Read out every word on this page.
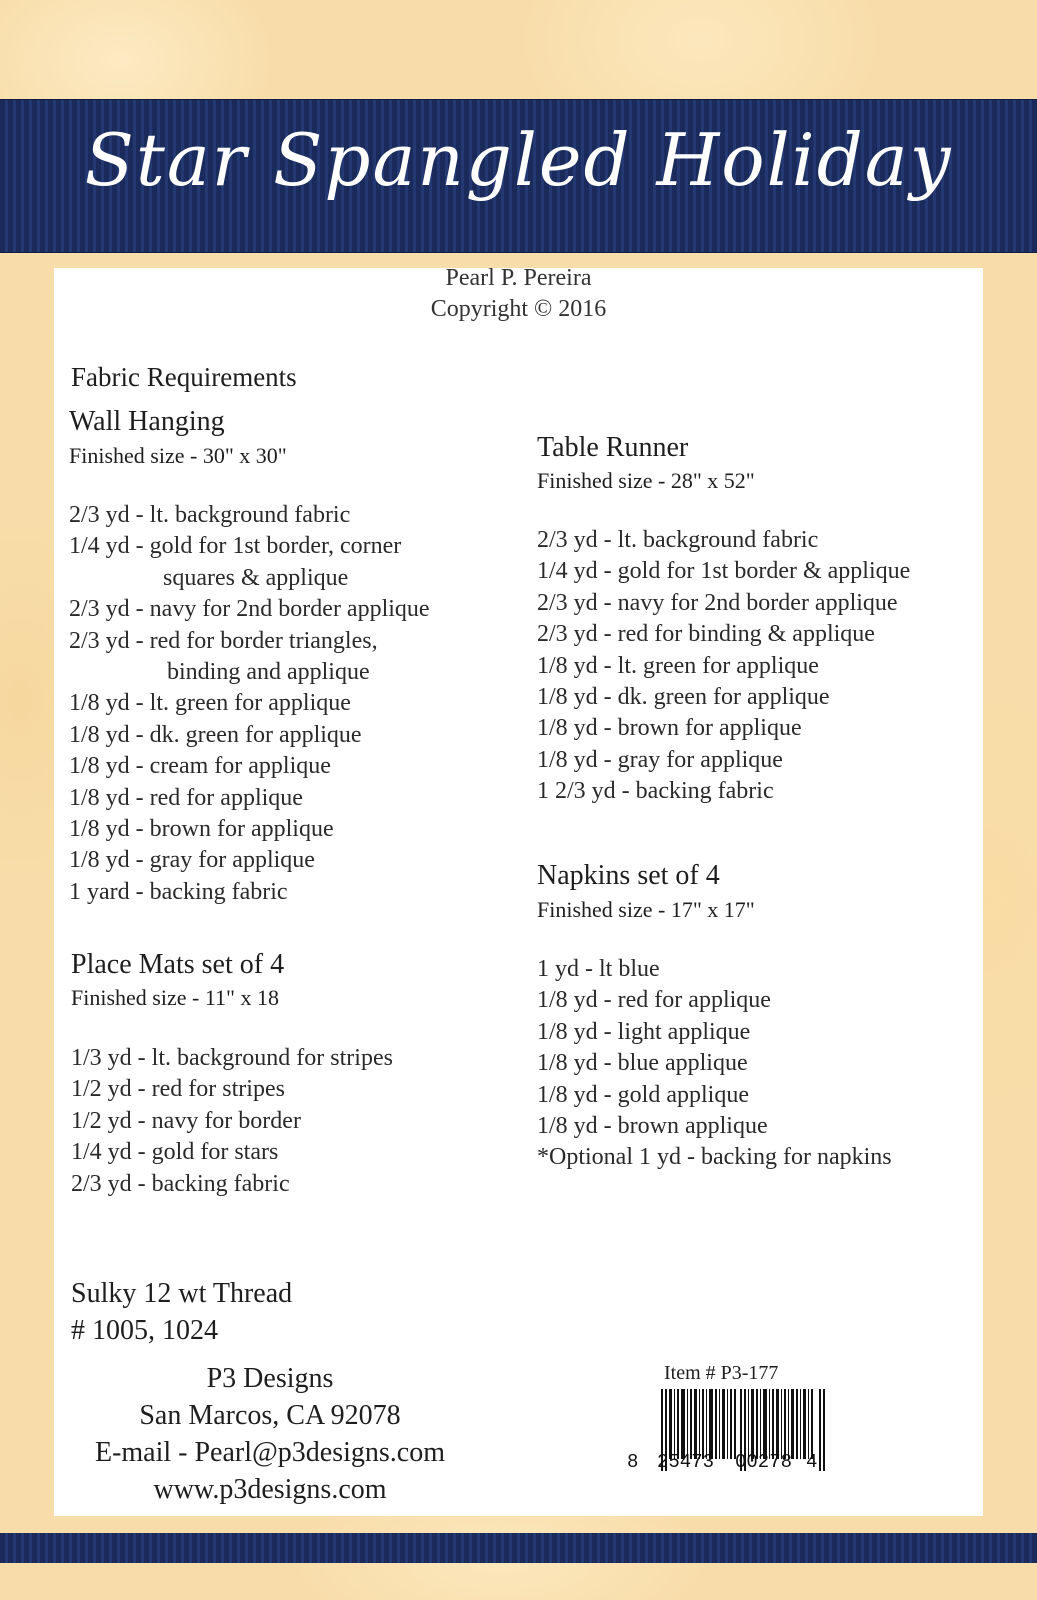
Star Spangled Holiday
Pearl P. Pereira
Copyright © 2016
Fabric Requirements
Wall Hanging
Finished size - 30" x 30"
2/3 yd - lt. background fabric
1/4 yd - gold for 1st border, corner
squares & applique
2/3 yd - navy for 2nd border applique
2/3 yd - red for border triangles,
binding and applique
1/8 yd - lt. green for applique
1/8 yd - dk. green for applique
1/8 yd - cream for applique
1/8 yd - red for applique
1/8 yd - brown for applique
1/8 yd - gray for applique
1 yard - backing fabric
Place Mats set of 4
Finished size - 11" x 18
1/3 yd - lt. background for stripes
1/2 yd - red for stripes
1/2 yd - navy for border
1/4 yd - gold for stars
2/3 yd - backing fabric
Table Runner
Finished size - 28" x 52"
2/3 yd - lt. background fabric
1/4 yd - gold for 1st border & applique
2/3 yd - navy for 2nd border applique
2/3 yd - red for binding & applique
1/8 yd - lt. green for applique
1/8 yd - dk. green for applique
1/8 yd - brown for applique
1/8 yd - gray for applique
1 2/3 yd - backing fabric
Napkins set of 4
Finished size - 17" x 17"
1 yd - lt blue
1/8 yd - red for applique
1/8 yd - light applique
1/8 yd - blue applique
1/8 yd - gold applique
1/8 yd - brown applique
*Optional 1 yd - backing for napkins
Sulky 12 wt Thread
# 1005, 1024
P3 Designs
San Marcos, CA 92078
E-mail - Pearl@p3designs.com
www.p3designs.com
Item # P3-177
8 25473 00278 4
